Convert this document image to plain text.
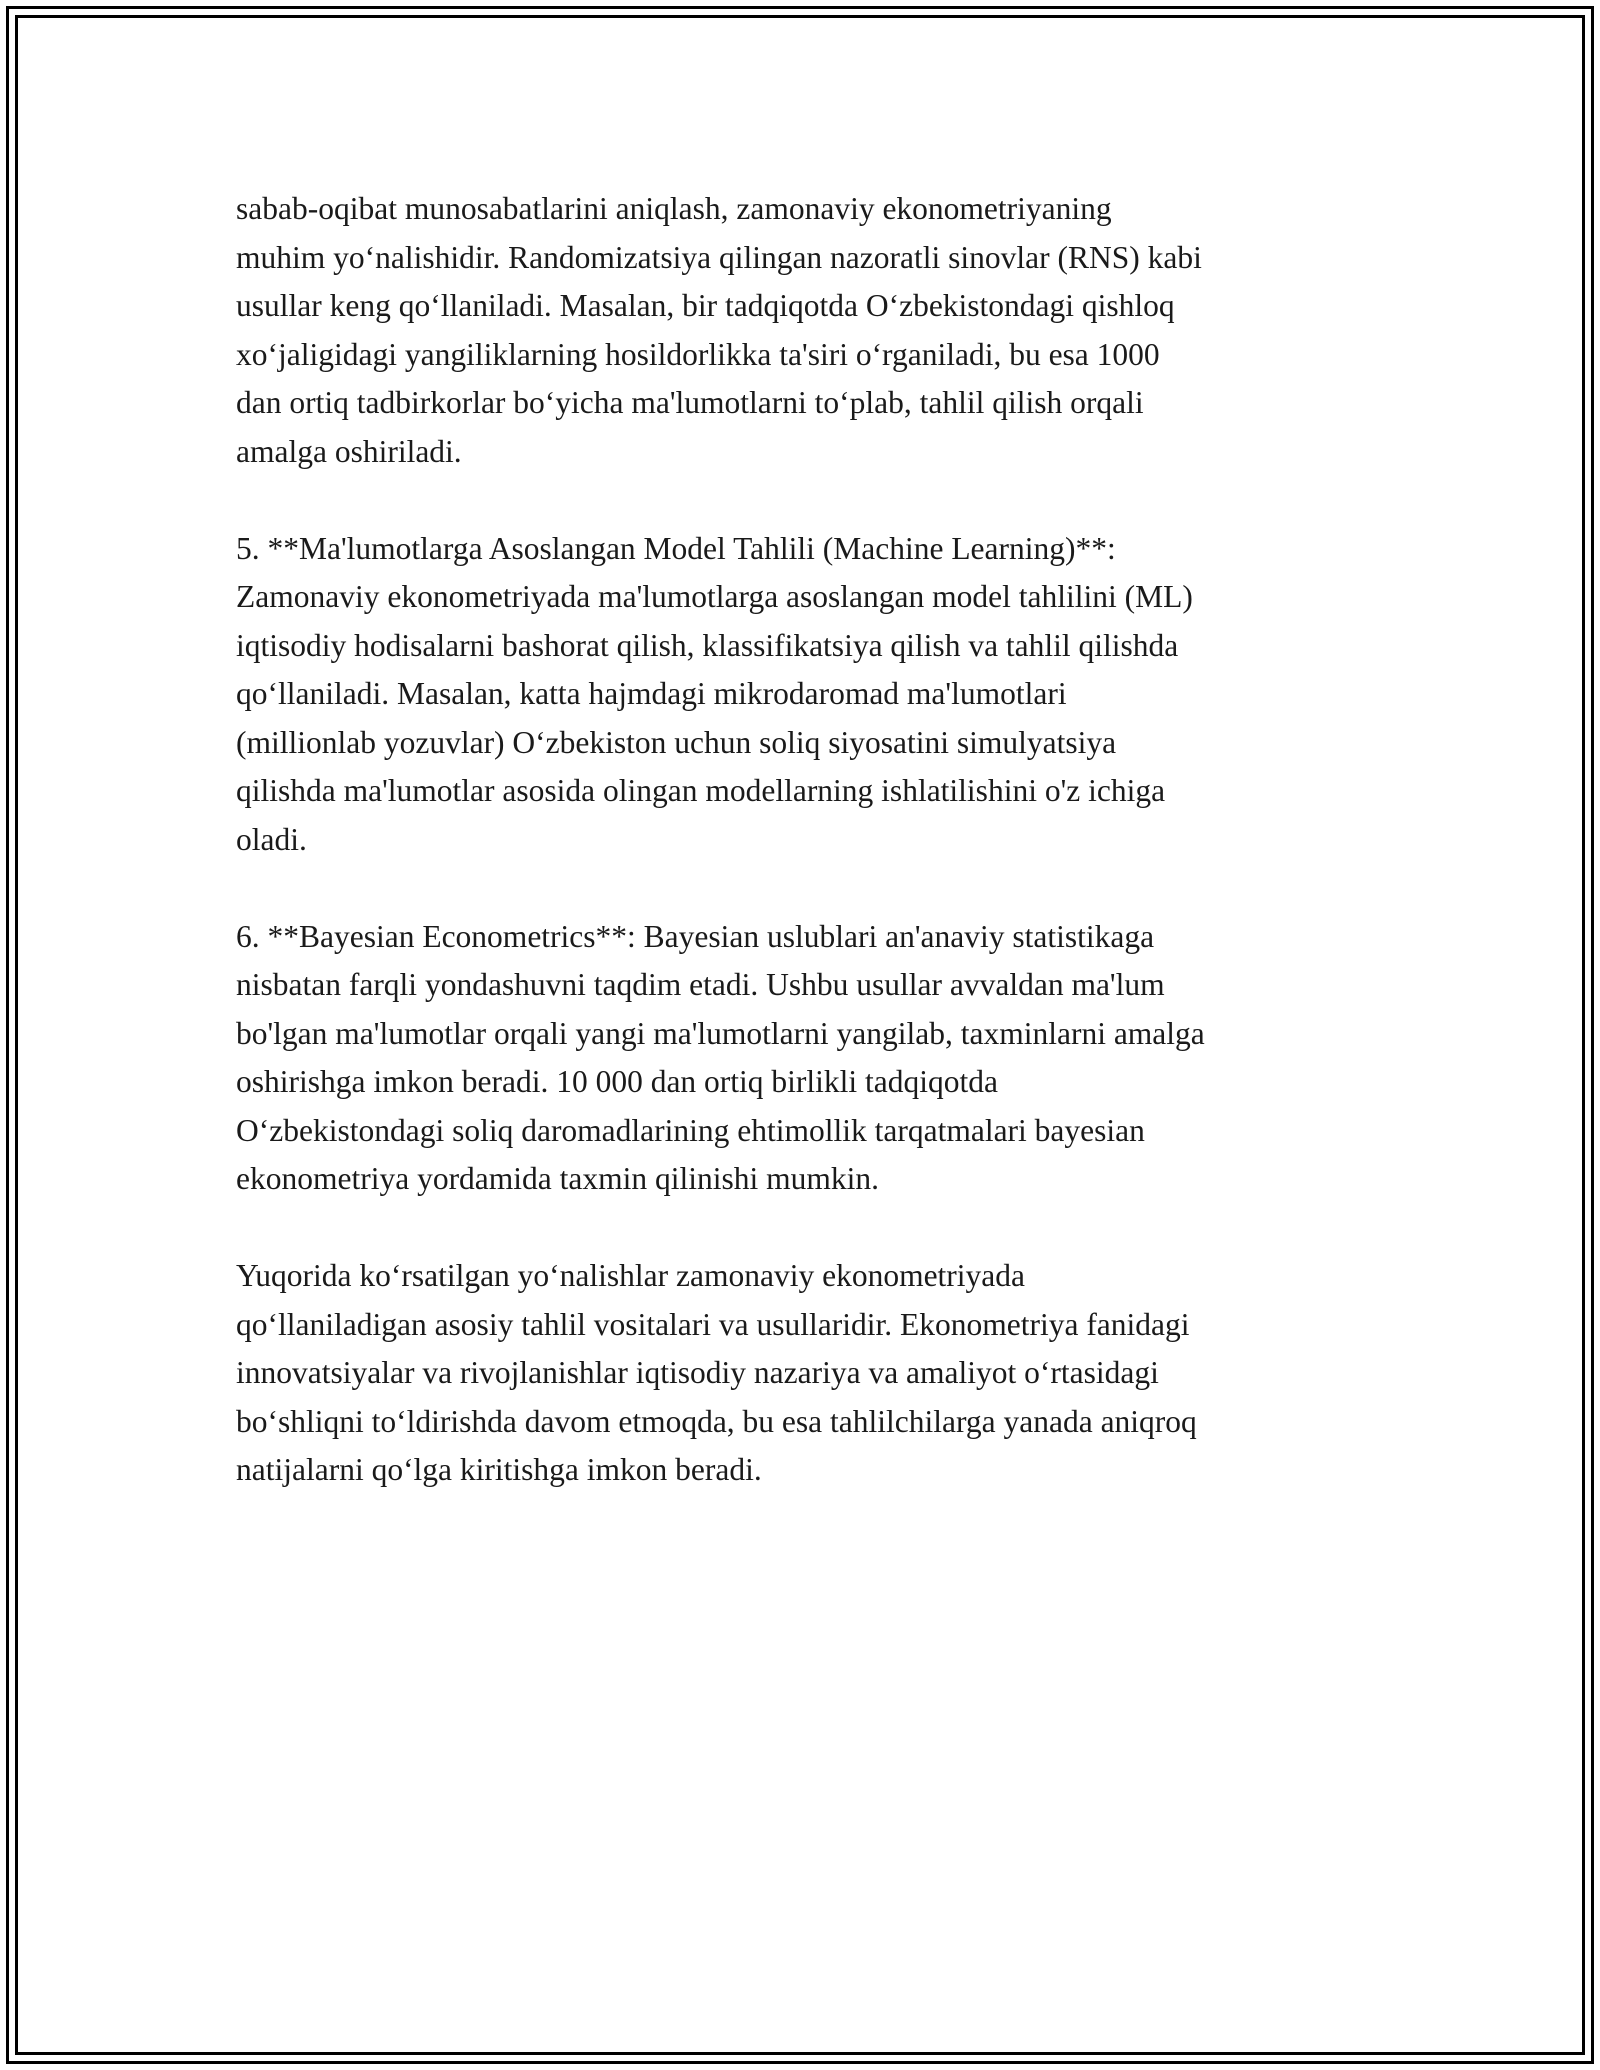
sabab-oqibat munosabatlarini aniqlash, zamonaviy ekonometriyaning
muhim yo‘nalishidir. Randomizatsiya qilingan nazoratli sinovlar (RNS) kabi
usullar keng qo‘llaniladi. Masalan, bir tadqiqotda O‘zbekistondagi qishloq
xo‘jaligidagi yangiliklarning hosildorlikka ta'siri o‘rganiladi, bu esa 1000
dan ortiq tadbirkorlar bo‘yicha ma'lumotlarni to‘plab, tahlil qilish orqali
amalga oshiriladi.

5. **Ma'lumotlarga Asoslangan Model Tahlili (Machine Learning)**:
Zamonaviy ekonometriyada ma'lumotlarga asoslangan model tahlilini (ML)
iqtisodiy hodisalarni bashorat qilish, klassifikatsiya qilish va tahlil qilishda
qo‘llaniladi. Masalan, katta hajmdagi mikrodaromad ma'lumotlari
(millionlab yozuvlar) O‘zbekiston uchun soliq siyosatini simulyatsiya
qilishda ma'lumotlar asosida olingan modellarning ishlatilishini o'z ichiga
oladi.

6. **Bayesian Econometrics**: Bayesian uslublari an'anaviy statistikaga
nisbatan farqli yondashuvni taqdim etadi. Ushbu usullar avvaldan ma'lum
bo'lgan ma'lumotlar orqali yangi ma'lumotlarni yangilab, taxminlarni amalga
oshirishga imkon beradi. 10 000 dan ortiq birlikli tadqiqotda
O‘zbekistondagi soliq daromadlarining ehtimollik tarqatmalari bayesian
ekonometriya yordamida taxmin qilinishi mumkin.

Yuqorida ko‘rsatilgan yo‘nalishlar zamonaviy ekonometriyada
qo‘llaniladigan asosiy tahlil vositalari va usullaridir. Ekonometriya fanidagi
innovatsiyalar va rivojlanishlar iqtisodiy nazariya va amaliyot o‘rtasidagi
bo‘shliqni to‘ldirishda davom etmoqda, bu esa tahlilchilarga yanada aniqroq
natijalarni qo‘lga kiritishga imkon beradi.
